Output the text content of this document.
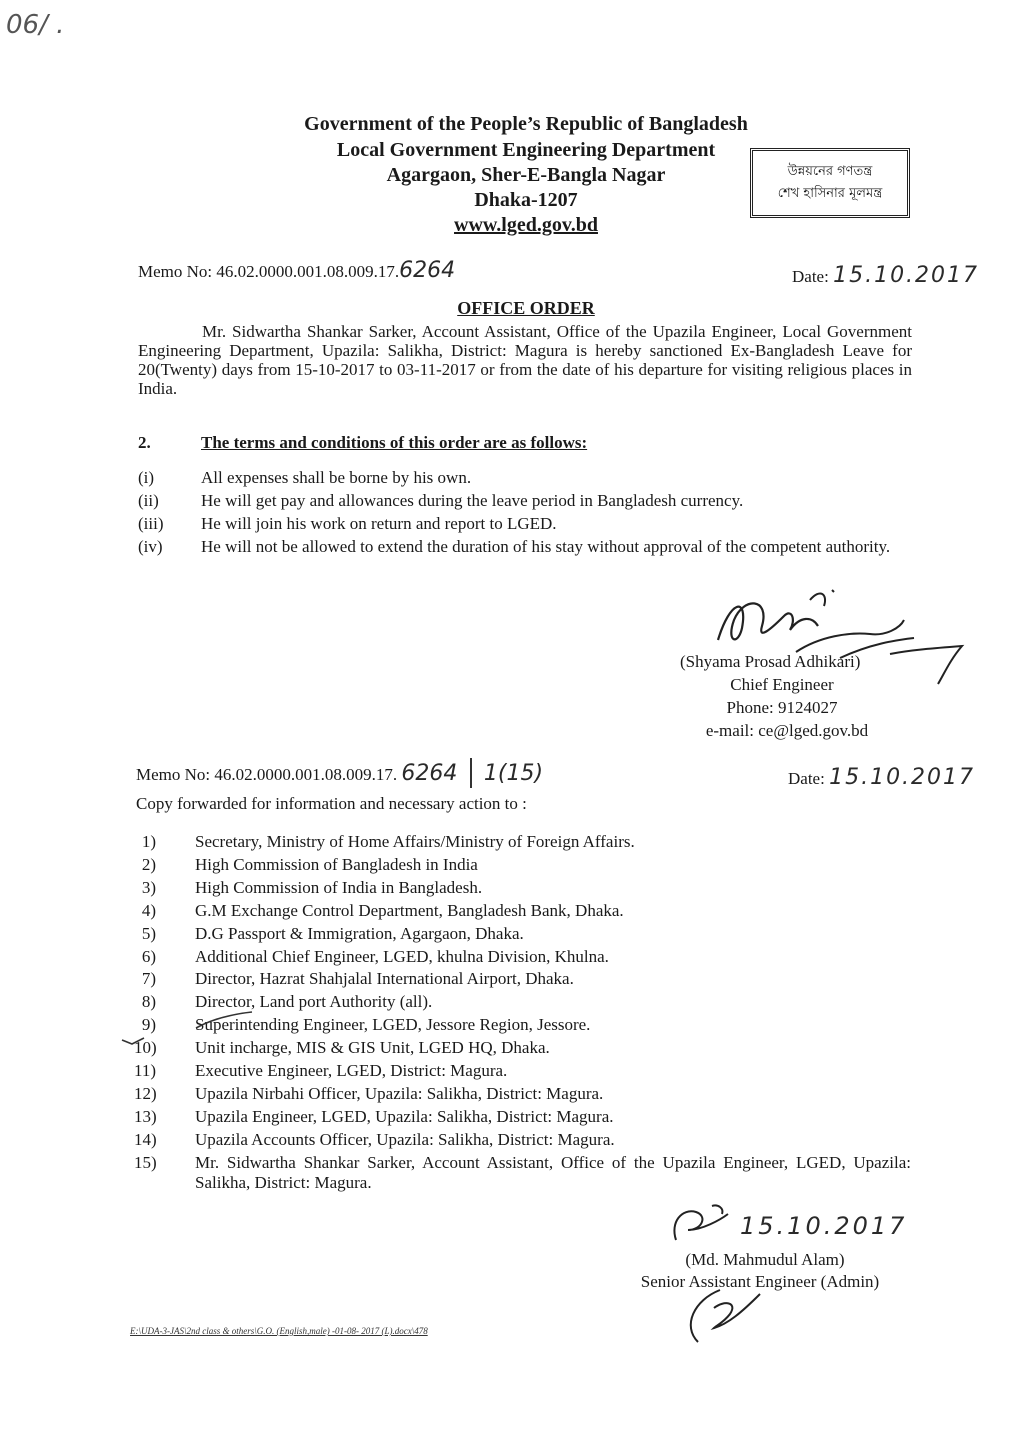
06/ .
Government of the People’s Republic of Bangladesh
Local Government Engineering Department
Agargaon, Sher-E-Bangla Nagar
Dhaka-1207
www.lged.gov.bd
উন্নয়নের গণতন্ত্র
শেখ হাসিনার মূলমন্ত্র
Memo No: 46.02.0000.001.08.009.17.6264	Date: 15.10.2017
OFFICE ORDER

Mr. Sidwartha Shankar Sarker, Account Assistant, Office of the Upazila Engineer, Local Government Engineering Department, Upazila: Salikha, District: Magura is hereby sanctioned Ex-Bangladesh Leave for 20(Twenty) days from 15-10-2017 to 03-11-2017 or from the date of his departure for visiting religious places in India.

2.	The terms and conditions of this order are as follows:
(i)	All expenses shall be borne by his own.
(ii) He will get pay and allowances during the leave period in Bangladesh currency.
(iii) He will join his work on return and report to LGED.
(iv) He will not be allowed to extend the duration of his stay without approval of the competent authority.
(Shyama Prosad Adhikari)
Chief Engineer
Phone: 9124027
e-mail: ce@lged.gov.bd
Memo No: 46.02.0000.001.08.009.17. 6264 1(15)	Date: 15.10.2017
Copy forwarded for information and necessary action to :
1) Secretary, Ministry of Home Affairs/Ministry of Foreign Affairs.
2) High Commission of Bangladesh in India
3) High Commission of India in Bangladesh.
4) G.M Exchange Control Department, Bangladesh Bank, Dhaka.
5) D.G Passport & Immigration, Agargaon, Dhaka.
6) Additional Chief Engineer, LGED, khulna Division, Khulna.
7) Director, Hazrat Shahjalal International Airport, Dhaka.
8) Director, Land port Authority (all).
9) Superintending Engineer, LGED, Jessore Region, Jessore.
10) Unit incharge, MIS & GIS Unit, LGED HQ, Dhaka.
11) Executive Engineer, LGED, District: Magura.
12) Upazila Nirbahi Officer, Upazila: Salikha, District: Magura.
13) Upazila Engineer, LGED, Upazila: Salikha, District: Magura.
14) Upazila Accounts Officer, Upazila: Salikha, District: Magura.
15) Mr. Sidwartha Shankar Sarker, Account Assistant, Office of the Upazila Engineer, LGED, Upazila: Salikha, District: Magura.
15.10.2017
(Md. Mahmudul Alam)
Senior Assistant Engineer (Admin)
E:\UDA-3-JAS\2nd class & others\G.O. (English,male) -01-08- 2017 (L).docx\478
